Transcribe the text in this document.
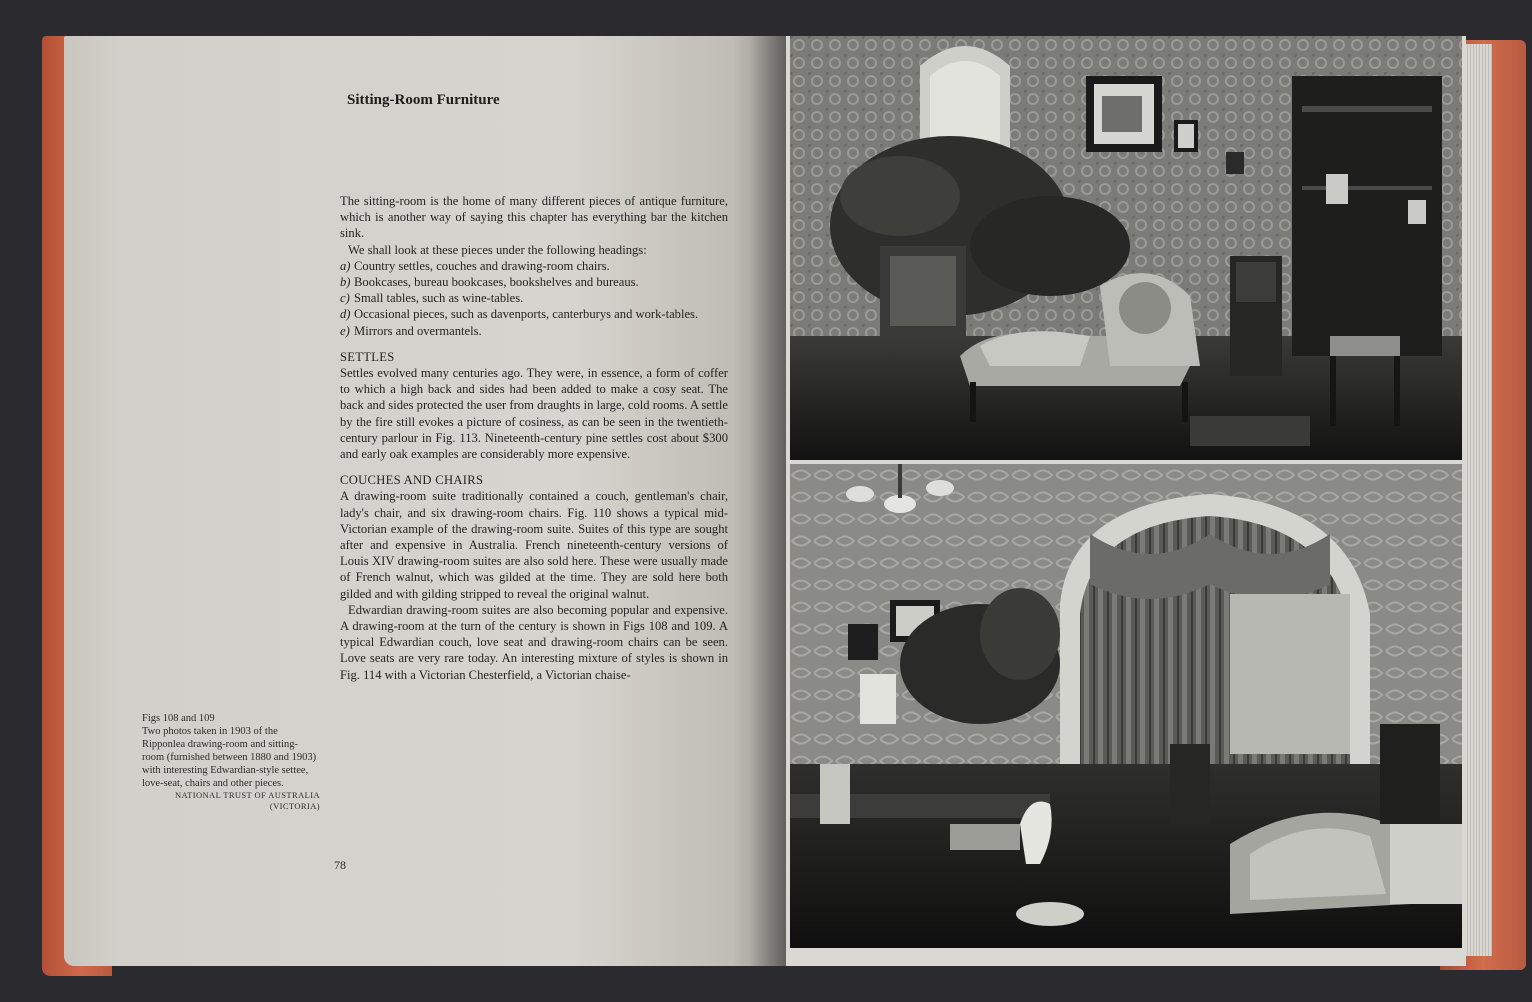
Sitting-Room Furniture

The sitting-room is the home of many different pieces of antique furniture, which is another way of saying this chapter has everything bar the kitchen sink.

We shall look at these pieces under the following headings:

a) Country settles, couches and drawing-room chairs.
b) Bookcases, bureau bookcases, bookshelves and bureaus.
c) Small tables, such as wine-tables.
d) Occasional pieces, such as davenports, canterburys and work-tables.
e) Mirrors and overmantels.

SETTLES

Settles evolved many centuries ago. They were, in essence, a form of coffer to which a high back and sides had been added to make a cosy seat. The back and sides protected the user from draughts in large, cold rooms. A settle by the fire still evokes a picture of cosiness, as can be seen in the twentieth-century parlour in Fig. 113. Nineteenth-century pine settles cost about $300 and early oak examples are considerably more expensive.

COUCHES AND CHAIRS

A drawing-room suite traditionally contained a couch, gentleman's chair, lady's chair, and six drawing-room chairs. Fig. 110 shows a typical mid-Victorian example of the drawing-room suite. Suites of this type are sought after and expensive in Australia. French nineteenth-century versions of Louis XIV drawing-room suites are also sold here. These were usually made of French walnut, which was gilded at the time. They are sold here both gilded and with gilding stripped to reveal the original walnut.

Edwardian drawing-room suites are also becoming popular and expensive. A drawing-room at the turn of the century is shown in Figs 108 and 109. A typical Edwardian couch, love seat and drawing-room chairs can be seen. Love seats are very rare today. An interesting mixture of styles is shown in Fig. 114 with a Victorian Chesterfield, a Victorian chaise-

Figs 108 and 109

Two photos taken in 1903 of the Ripponlea drawing-room and sitting-room (furnished between 1880 and 1903) with interesting Edwardian-style settee, love-seat, chairs and other pieces.

NATIONAL TRUST OF AUSTRALIA

(VICTORIA)

78
